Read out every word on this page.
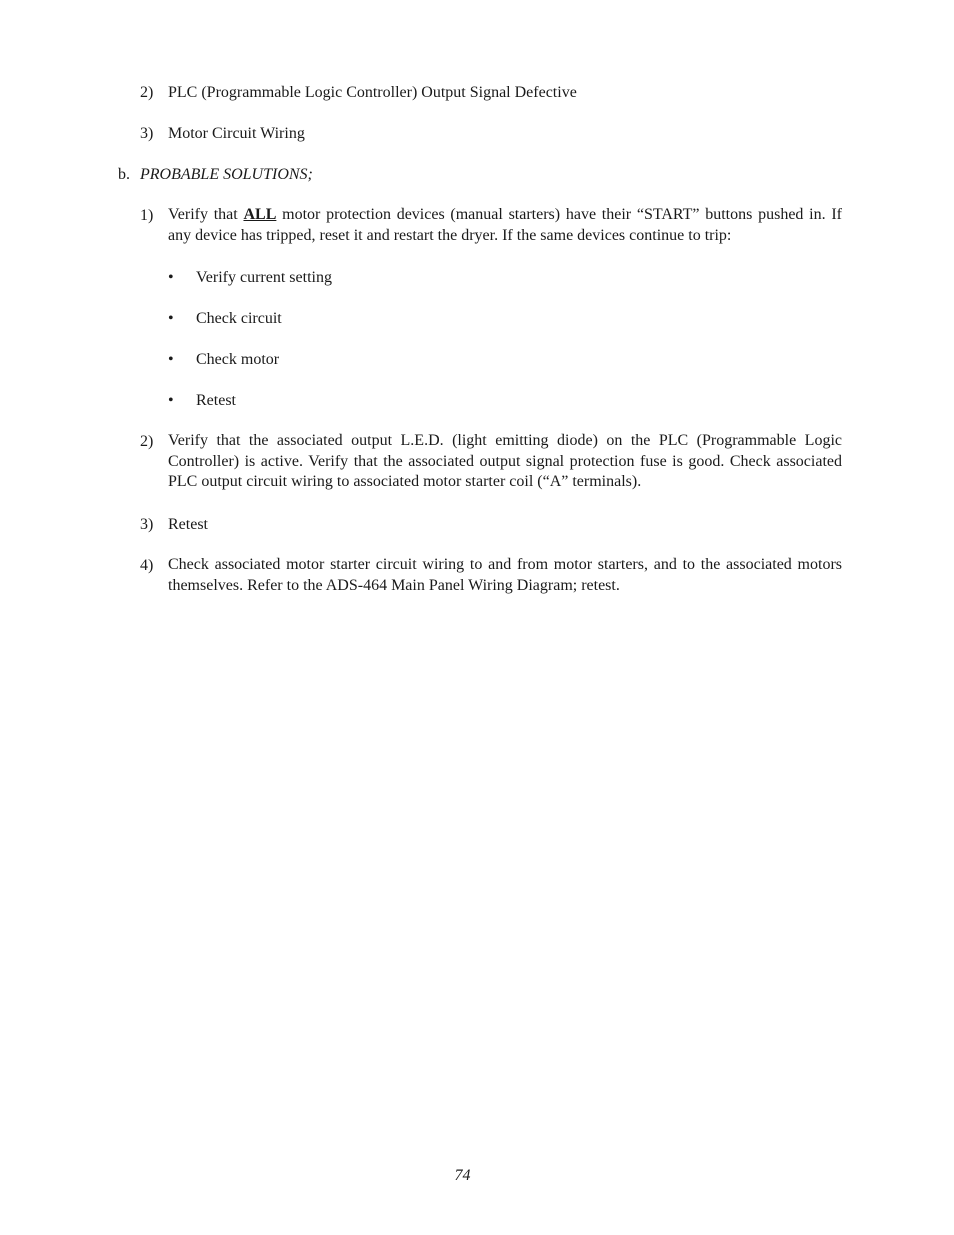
2) PLC (Programmable Logic Controller) Output Signal Defective
3) Motor Circuit Wiring
b. PROBABLE SOLUTIONS;
1) Verify that ALL motor protection devices (manual starters) have their “START” buttons pushed in. If any device has tripped, reset it and restart the dryer. If the same devices continue to trip:
• Verify current setting
• Check circuit
• Check motor
• Retest
2) Verify that the associated output L.E.D. (light emitting diode) on the PLC (Programmable Logic Controller) is active. Verify that the associated output signal protection fuse is good. Check associated PLC output circuit wiring to associated motor starter coil (“A” terminals).
3) Retest
4) Check associated motor starter circuit wiring to and from motor starters, and to the associated motors themselves. Refer to the ADS-464 Main Panel Wiring Diagram; retest.
74
